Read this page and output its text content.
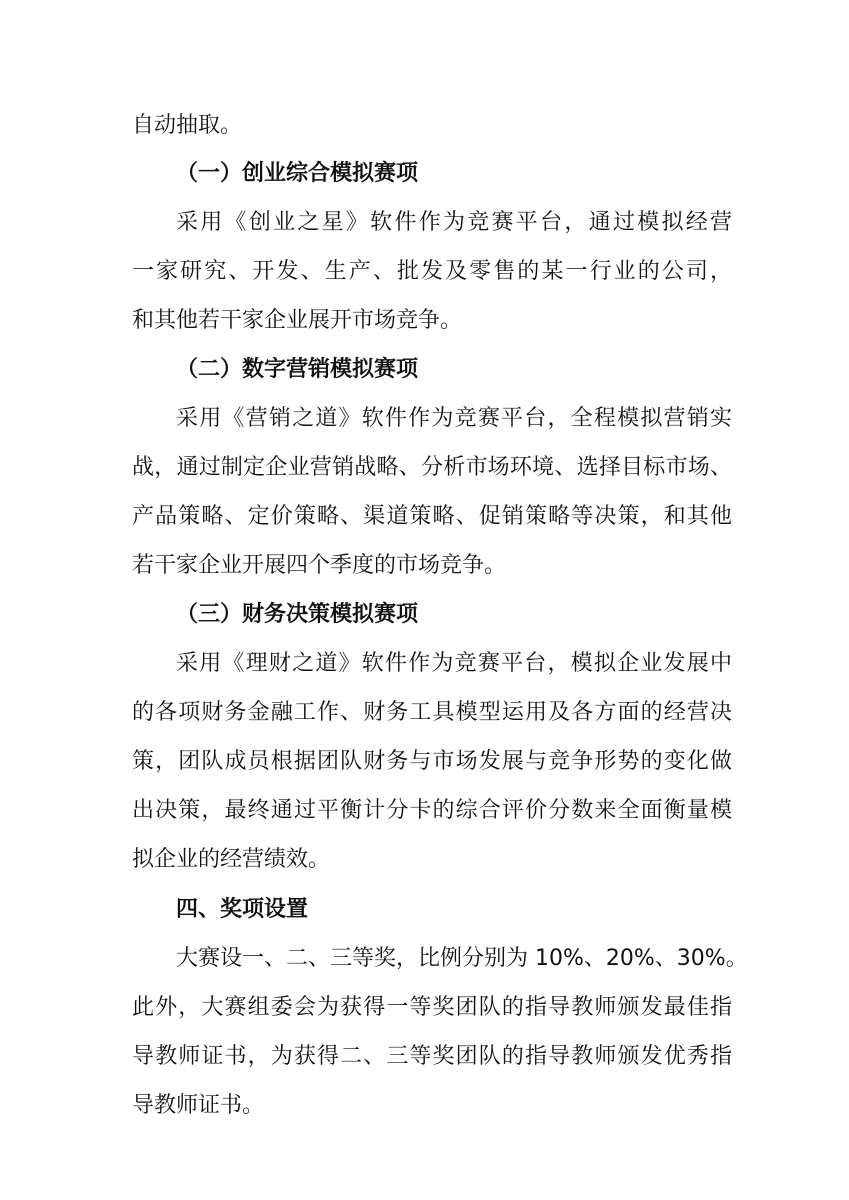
自动抽取。
（一）创业综合模拟赛项
采用《创业之星》软件作为竞赛平台，通过模拟经营
一家研究、开发、生产、批发及零售的某一行业的公司，
和其他若干家企业展开市场竞争。
（二）数字营销模拟赛项
采用《营销之道》软件作为竞赛平台，全程模拟营销实
战，通过制定企业营销战略、分析市场环境、选择目标市场、
产品策略、定价策略、渠道策略、促销策略等决策，和其他
若干家企业开展四个季度的市场竞争。
（三）财务决策模拟赛项
采用《理财之道》软件作为竞赛平台，模拟企业发展中
的各项财务金融工作、财务工具模型运用及各方面的经营决
策，团队成员根据团队财务与市场发展与竞争形势的变化做
出决策，最终通过平衡计分卡的综合评价分数来全面衡量模
拟企业的经营绩效。
四、奖项设置
大赛设一、二、三等奖，比例分别为 10%、20%、30%。
此外，大赛组委会为获得一等奖团队的指导教师颁发最佳指
导教师证书，为获得二、三等奖团队的指导教师颁发优秀指
导教师证书。
